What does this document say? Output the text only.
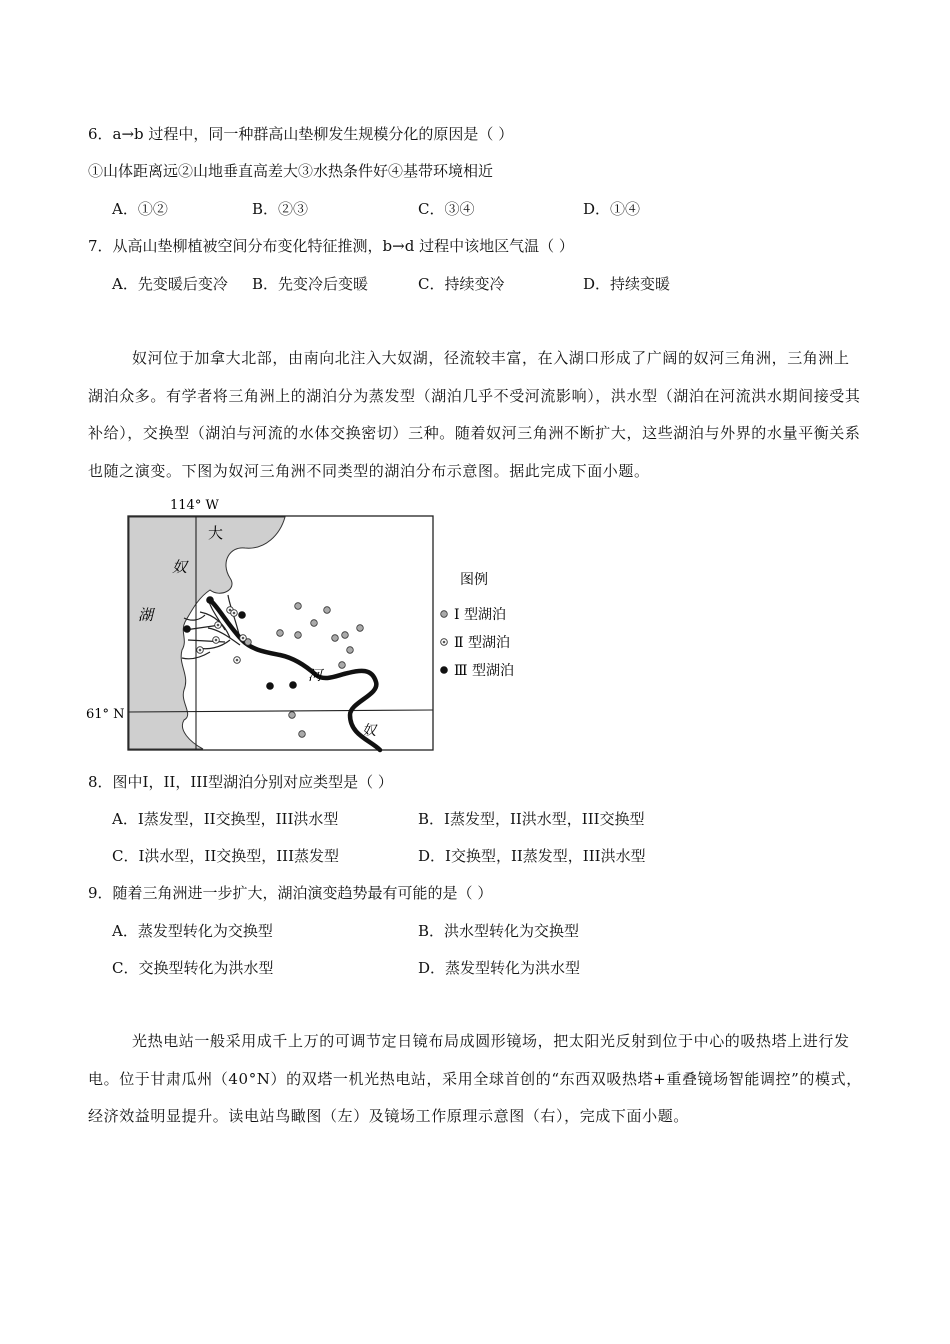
6．a→b 过程中，同一种群高山垫柳发生规模分化的原因是（ ）
①山体距离远②山地垂直高差大③水热条件好④基带环境相近
A．①②	B．②③	C．③④	D．①④
7．从高山垫柳植被空间分布变化特征推测，b→d 过程中该地区气温（ ）
A．先变暖后变冷 B．先变冷后变暖	C．持续变冷	D．持续变暖
奴河位于加拿大北部，由南向北注入大奴湖，径流较丰富，在入湖口形成了广阔的奴河三角洲，三角洲上湖泊众多。有学者将三角洲上的湖泊分为蒸发型（湖泊几乎不受河流影响），洪水型（湖泊在河流洪水期间接受其补给），交换型（湖泊与河流的水体交换密切）三种。随着奴河三角洲不断扩大，这些湖泊与外界的水量平衡关系也随之演变。下图为奴河三角洲不同类型的湖泊分布示意图。据此完成下面小题。
大
奴
湖
河
奴
114° W
61° N
图例
Ⅰ 型湖泊
Ⅱ 型湖泊
Ⅲ 型湖泊
8．图中I，II，III型湖泊分别对应类型是（ ）
A．I蒸发型，II交换型，III洪水型	B．I蒸发型，II洪水型，III交换型
C．I洪水型，II交换型，III蒸发型	D．I交换型，II蒸发型，III洪水型
9．随着三角洲进一步扩大，湖泊演变趋势最有可能的是（ ）
A．蒸发型转化为交换型	B．洪水型转化为交换型
C．交换型转化为洪水型	D．蒸发型转化为洪水型
光热电站一般采用成千上万的可调节定日镜布局成圆形镜场，把太阳光反射到位于中心的吸热塔上进行发电。位于甘肃瓜州（40°N）的双塔一机光热电站，采用全球首创的“东西双吸热塔+重叠镜场智能调控”的模式，经济效益明显提升。读电站鸟瞰图（左）及镜场工作原理示意图（右），完成下面小题。
